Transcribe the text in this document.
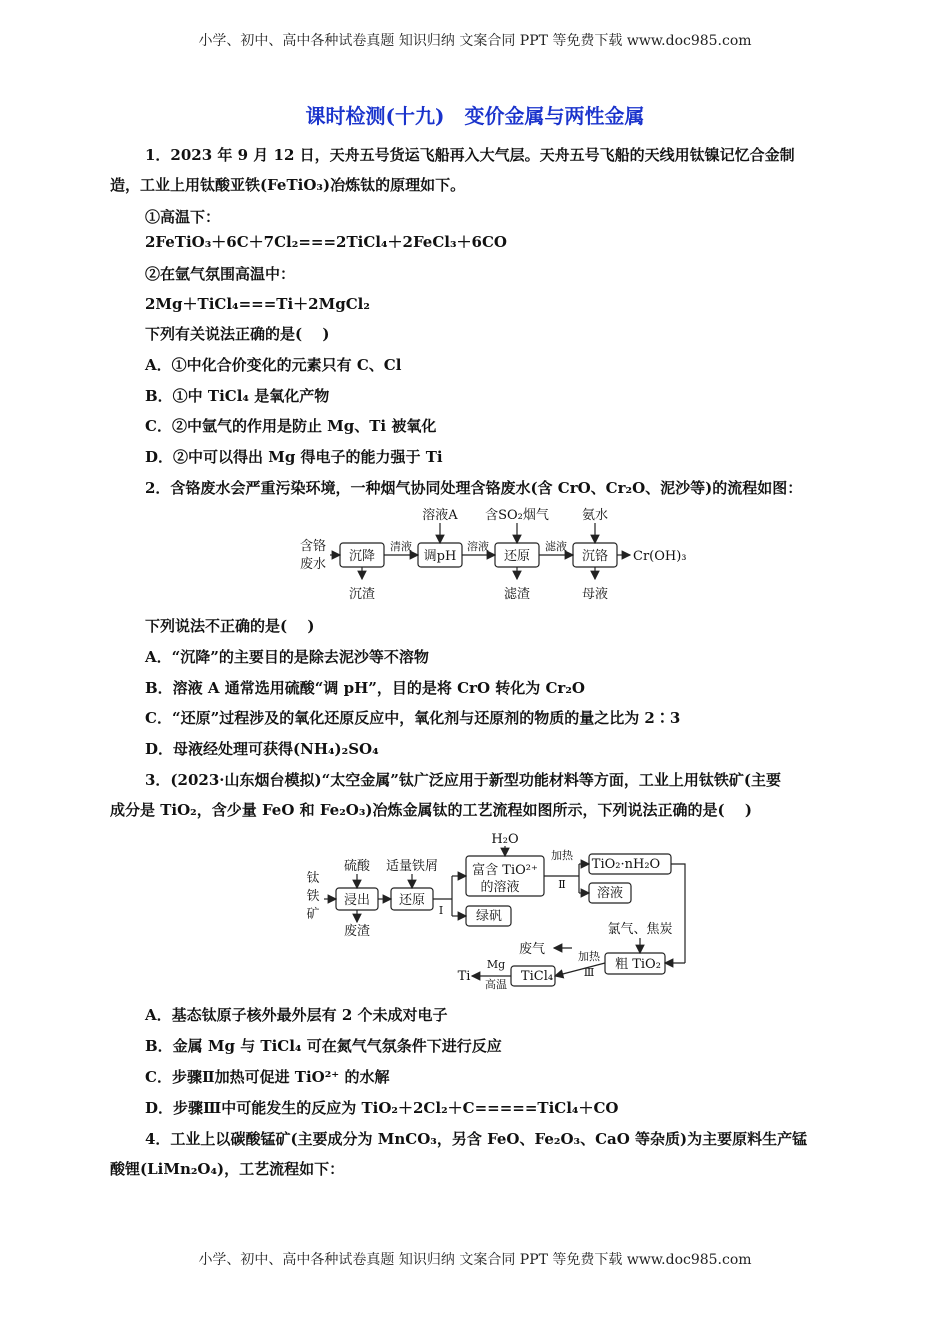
小学、初中、高中各种试卷真题 知识归纳 文案合同 PPT 等免费下载 www.doc985.com
课时检测(十九)　变价金属与两性金属
1．2023 年 9 月 12 日，天舟五号货运飞船再入大气层。天舟五号飞船的天线用钛镍记忆合金制
造，工业上用钛酸亚铁(FeTiO₃)冶炼钛的原理如下。
①高温下：
2FeTiO₃＋6C＋7Cl₂===2TiCl₄＋2FeCl₃＋6CO
②在氩气氛围高温中：
2Mg＋TiCl₄===Ti＋2MgCl₂
下列有关说法正确的是(　 )
A．①中化合价变化的元素只有 C、Cl
B．①中 TiCl₄ 是氧化产物
C．②中氩气的作用是防止 Mg、Ti 被氧化
D．②中可以得出 Mg 得电子的能力强于 Ti
2．含铬废水会严重污染环境，一种烟气协同处理含铬废水(含 CrO、Cr₂O、泥沙等)的流程如图：
含铬
废水
沉降	调pH	还原	沉铬
溶液A 含SO₂烟气	氨水
沉渣	滤渣	母液
清液	溶液	滤液
Cr(OH)₃
下列说法不正确的是(　 )
A．“沉降”的主要目的是除去泥沙等不溶物
B．溶液 A 通常选用硫酸“调 pH”，目的是将 CrO 转化为 Cr₂O
C．“还原”过程涉及的氧化还原反应中，氧化剂与还原剂的物质的量之比为 2∶3
D．母液经处理可获得(NH₄)₂SO₄
3．(2023·山东烟台模拟)“太空金属”钛广泛应用于新型功能材料等方面，工业上用钛铁矿(主要
成分是 TiO₂，含少量 FeO 和 Fe₂O₃)冶炼金属钛的工艺流程如图所示，下列说法正确的是(　 )
钛
铁
矿
硫酸 适量铁屑
浸出 还原
废渣
H₂O
富含 TiO²⁺
的溶液
绿矾
TiO₂·nH₂O
溶液
氯气、焦炭
粗 TiO₂
废气
TiCl₄
Ti
Ⅰ
加热
Ⅱ
加热
Ⅲ
Mg
高温
A．基态钛原子核外最外层有 2 个未成对电子
B．金属 Mg 与 TiCl₄ 可在氮气气氛条件下进行反应
C．步骤Ⅱ加热可促进 TiO²⁺ 的水解
D．步骤Ⅲ中可能发生的反应为 TiO₂＋2Cl₂＋C=====TiCl₄＋CO
4．工业上以碳酸锰矿(主要成分为 MnCO₃，另含 FeO、Fe₂O₃、CaO 等杂质)为主要原料生产锰
酸锂(LiMn₂O₄)，工艺流程如下：
小学、初中、高中各种试卷真题 知识归纳 文案合同 PPT 等免费下载 www.doc985.com
